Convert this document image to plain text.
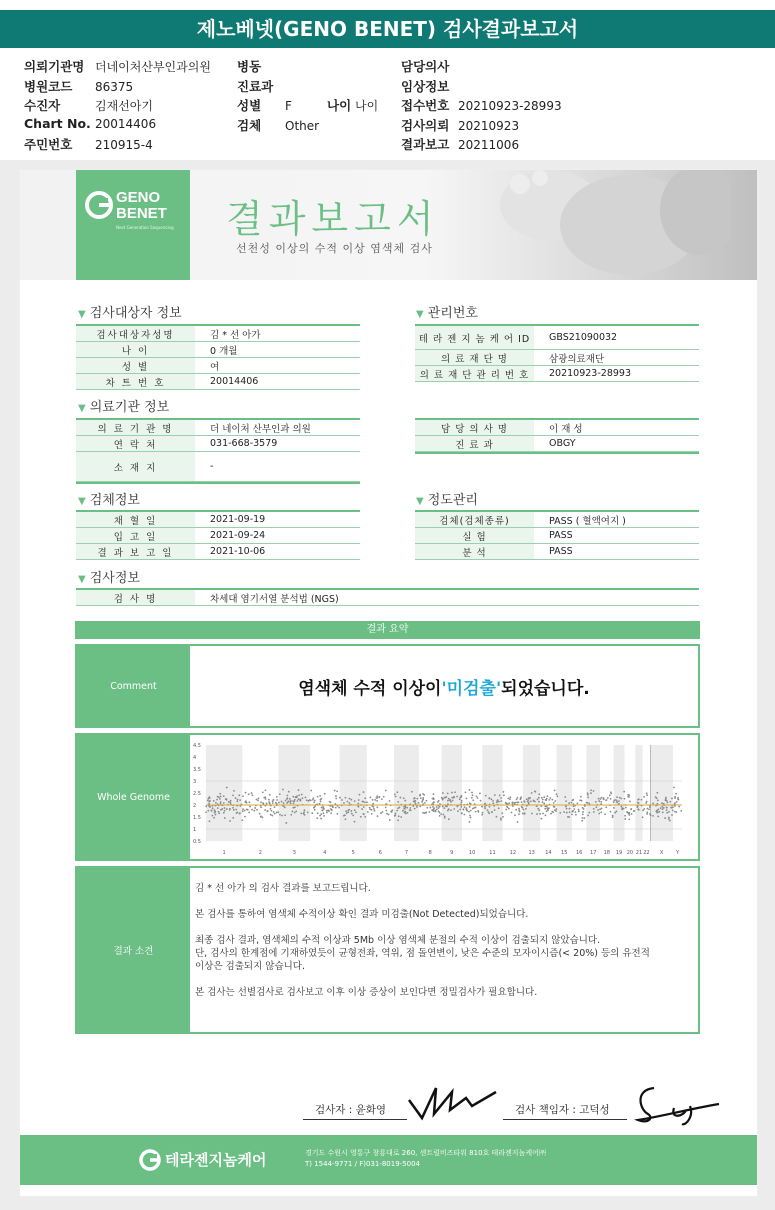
제노베넷(GENO BENET) 검사결과보고서
의뢰기관명 더네이처산부인과의원
병원코드 86375
수진자	김재선아기
Chart No. 20014406
주민번호 210915-4
병동
진료과
성별 F
검체 Other
담당의사
임상정보
접수번호 20210923-28993
검사의뢰 20210923
결과보고 20211006
나이 나이
GENO
BENET
Next Generation Sequencing 결과보고서
선천성 이상의 수적 이상 염색체 검사
▼ 검사대상자 정보	▼ 관리번호
▼ 의료기관 정보
▼ 검체정보	▼ 정도관리
▼ 검사정보
검사대상자성명	김 * 선 아가
나 이	0 개월
성 별	여
차 트 번 호	20014406
테 라 젠 지 놈 케 어 ID	GBS21090032
의 료 재 단 명	삼광의료재단
의 료 재 단 관 리 번 호	20210923-28993
의 료 기 관 명	더 네이처 산부인과 의원
연 락 처	031-668-3579
소 재 지	-
담 당 의 사 명	이 재 성
진 료 과	OBGY
채 혈 일	2021-09-19
입 고 일	2021-09-24
결 과 보 고 일	2021-10-06
검체(검체종류)	PASS ( 혈액여지 )
실 험	PASS
분 석	PASS
검 사 명	차세대 염기서열 분석법 (NGS)
결과 요약
Comment	염색체 수적 이상이 '미검출' 되었습니다.
Whole Genome
1	2	3	4	5	6	7	8	9	10	11	12 13 14 15 16 17 18 19 20 21 22 X	Y
4.5
4
3.5
3
2.5
2
1.5
1
0.5
결과 소견

김 * 선 아가 의 검사 결과를 보고드립니다.

본 검사를 통하여 염색체 수적이상 확인 결과 미검출(Not Detected)되었습니다.

최종 검사 결과, 염색체의 수적 이상과 5Mb 이상 염색체 분절의 수적 이상이 검출되지 않았습니다.
단, 검사의 한계점에 기재하였듯이 균형전좌, 역위, 점 돌연변이, 낮은 수준의 모자이시즘(< 20%) 등의 유전적
이상은 검출되지 않습니다.

본 검사는 선별검사로 검사보고 이후 이상 증상이 보인다면 정밀검사가 필요합니다.

검사자 : 윤화영	검사 책임자 : 고덕성
테라젠지놈케어	경기도 수원시 영통구 창룡대로 260, 센트럴비즈타워 810호 테라젠지놈케어㈜
T) 1544-9771 / F)031-8019-5004
